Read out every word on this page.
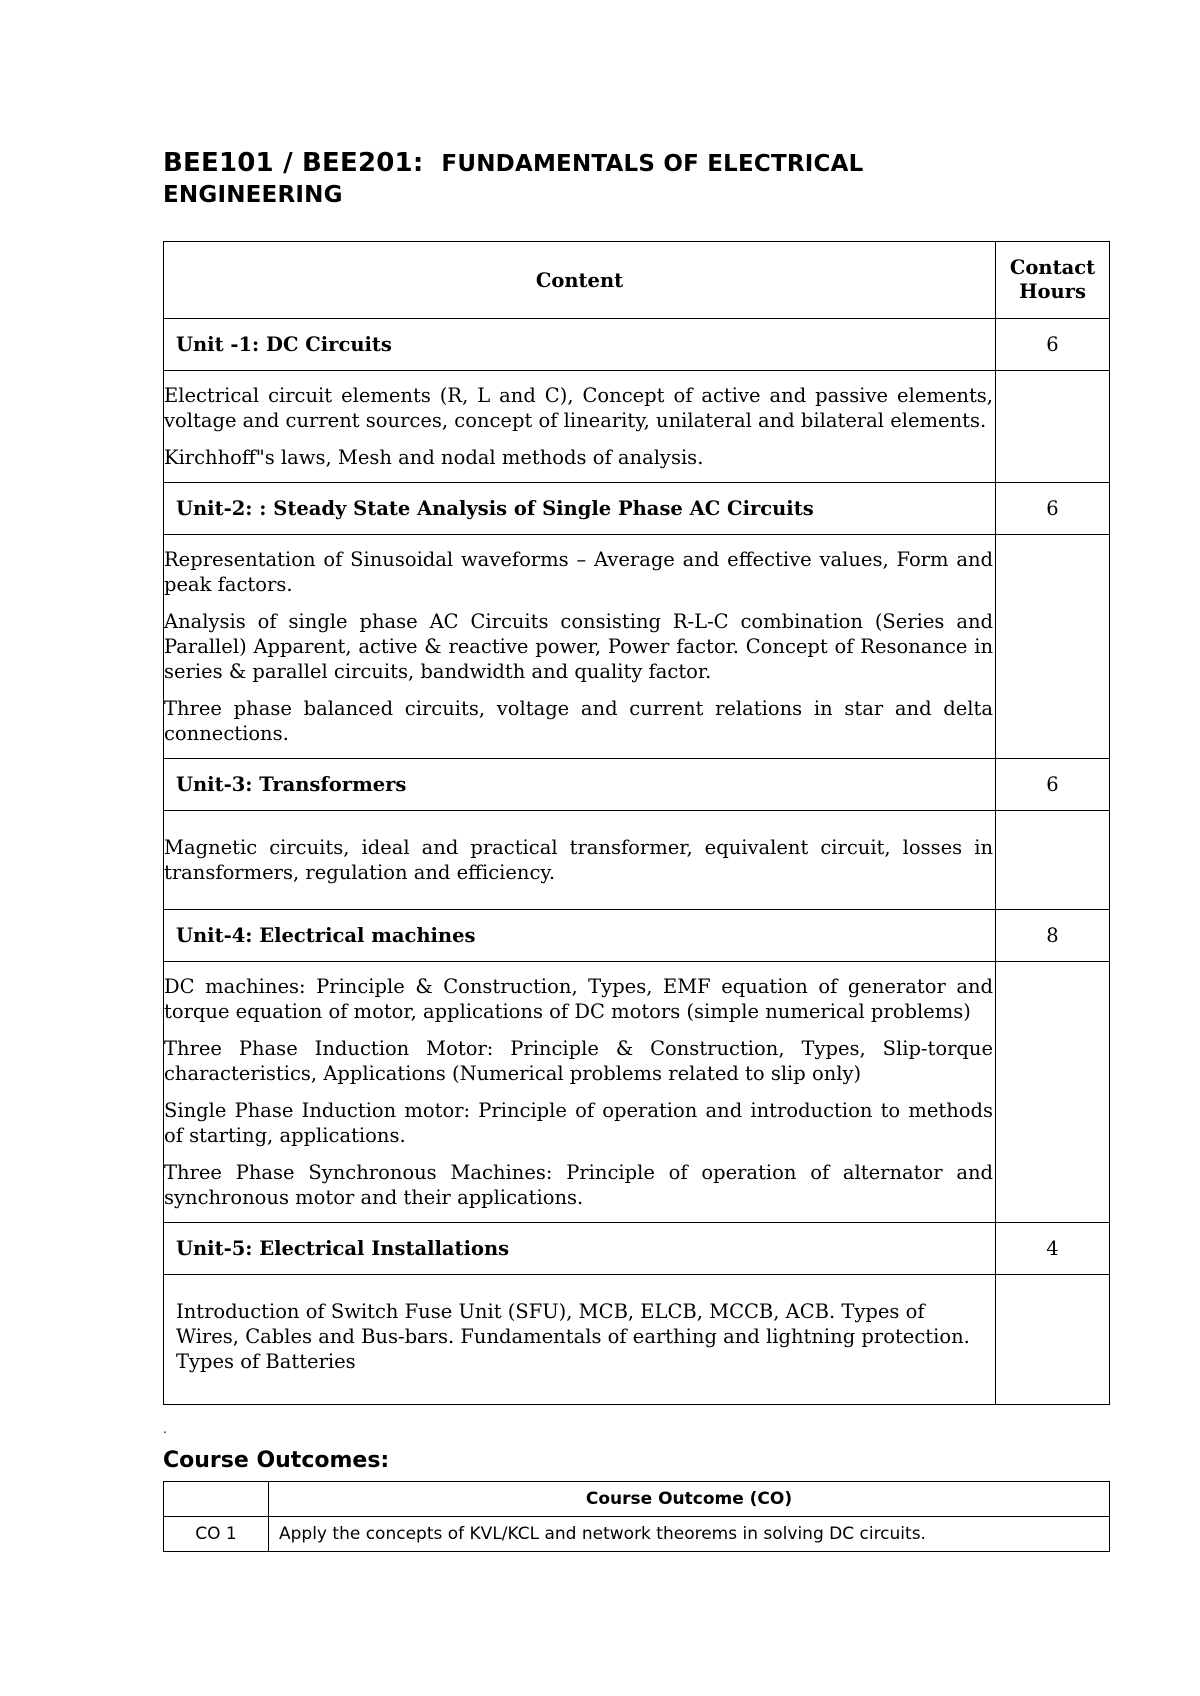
BEE101 / BEE201: FUNDAMENTALS OF ELECTRICAL
ENGINEERING
Content	Contact
Hours
Unit -1: DC Circuits	6

Electrical circuit elements (R, L and C), Concept of active and passive elements, voltage and current sources, concept of linearity, unilateral and bilateral elements.

Kirchhoff"s laws, Mesh and nodal methods of analysis.	

Unit-2: : Steady State Analysis of Single Phase AC Circuits	6

Representation of Sinusoidal waveforms – Average and effective values, Form and peak factors.

Analysis of single phase AC Circuits consisting R-L-C combination (Series and Parallel) Apparent, active & reactive power, Power factor. Concept of Resonance in series & parallel circuits, bandwidth and quality factor.

Three phase balanced circuits, voltage and current relations in star and delta connections.	

Unit-3: Transformers	6

Magnetic circuits, ideal and practical transformer, equivalent circuit, losses in transformers, regulation and efficiency.	

Unit-4: Electrical machines	8

DC machines: Principle & Construction, Types, EMF equation of generator and torque equation of motor, applications of DC motors (simple numerical problems)

Three Phase Induction Motor: Principle & Construction, Types, Slip-torque characteristics, Applications (Numerical problems related to slip only)

Single Phase Induction motor: Principle of operation and introduction to methods of starting, applications.

Three Phase Synchronous Machines: Principle of operation of alternator and synchronous motor and their applications.	

Unit-5: Electrical Installations	4

Introduction of Switch Fuse Unit (SFU), MCB, ELCB, MCCB, ACB. Types of Wires, Cables and Bus-bars. Fundamentals of earthing and lightning protection. Types of Batteries	

.
Course Outcomes:
	Course Outcome (CO)
CO 1	Apply the concepts of KVL/KCL and network theorems in solving DC circuits.
